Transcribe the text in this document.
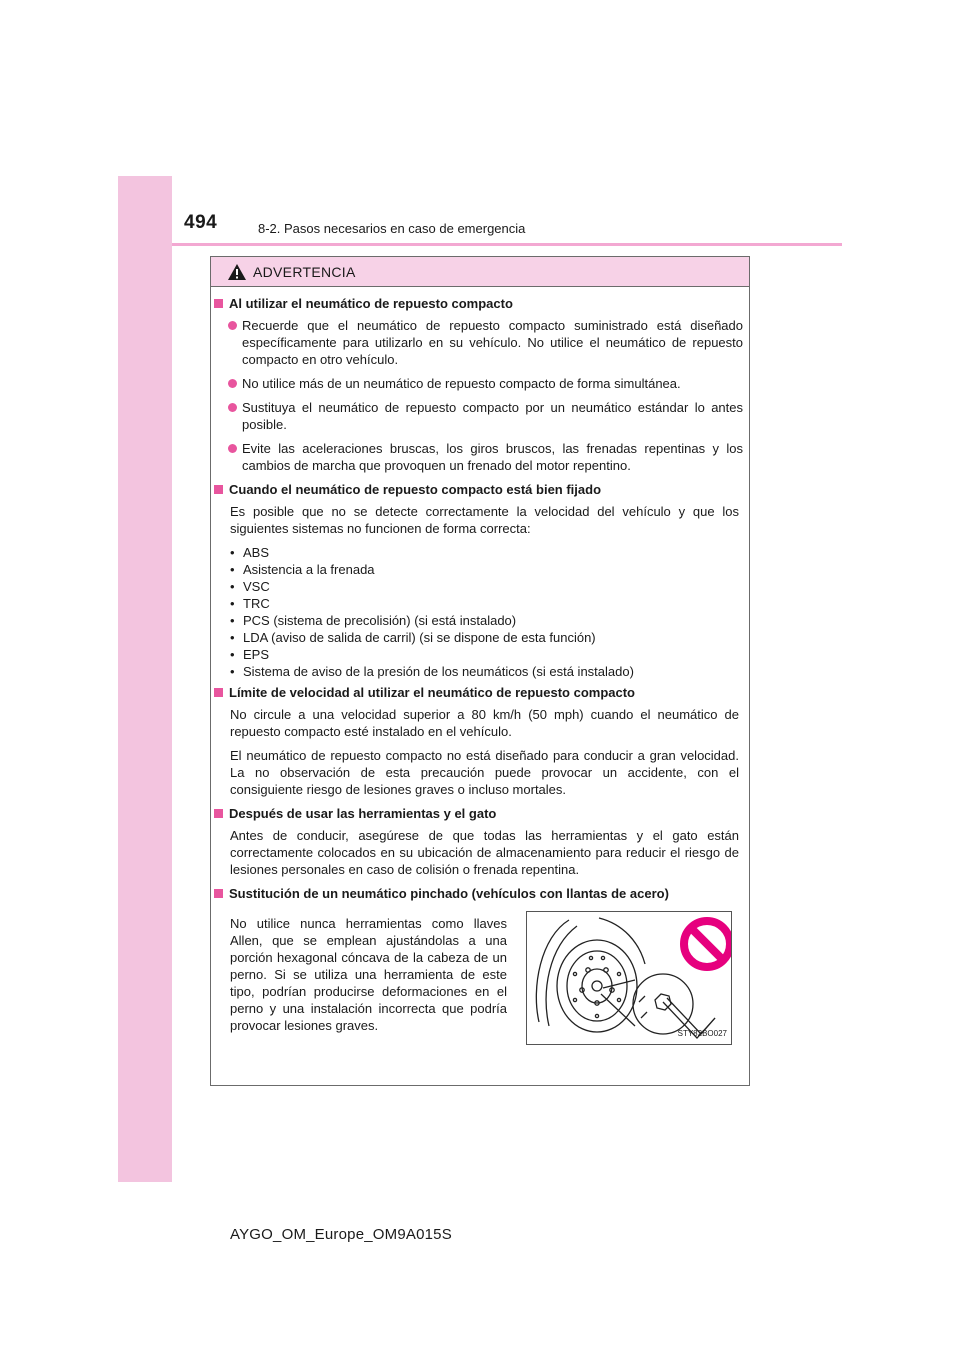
494	8-2. Pasos necesarios en caso de emergencia
ADVERTENCIA
Al utilizar el neumático de repuesto compacto
Recuerde que el neumático de repuesto compacto suministrado está diseñado específicamente para utilizarlo en su vehículo. No utilice el neumático de repuesto compacto en otro vehículo.
No utilice más de un neumático de repuesto compacto de forma simultánea.
Sustituya el neumático de repuesto compacto por un neumático estándar lo antes posible.
Evite las aceleraciones bruscas, los giros bruscos, las frenadas repentinas y los cambios de marcha que provoquen un frenado del motor repentino.
Cuando el neumático de repuesto compacto está bien fijado
Es posible que no se detecte correctamente la velocidad del vehículo y que los siguientes sistemas no funcionen de forma correcta:
• ABS
• Asistencia a la frenada
• VSC
• TRC
• PCS (sistema de precolisión) (si está instalado)
• LDA (aviso de salida de carril) (si se dispone de esta función)
• EPS
• Sistema de aviso de la presión de los neumáticos (si está instalado)
Límite de velocidad al utilizar el neumático de repuesto compacto
No circule a una velocidad superior a 80 km/h (50 mph) cuando el neumático de repuesto compacto esté instalado en el vehículo.
El neumático de repuesto compacto no está diseñado para conducir a gran velocidad. La no observación de esta precaución puede provocar un accidente, con el consiguiente riesgo de lesiones graves o incluso mortales.
Después de usar las herramientas y el gato
Antes de conducir, asegúrese de que todas las herramientas y el gato están correctamente colocados en su ubicación de almacenamiento para reducir el riesgo de lesiones personales en caso de colisión o frenada repentina.
Sustitución de un neumático pinchado (vehículos con llantas de acero)
No utilice nunca herramientas como llaves Allen, que se emplean ajustándolas a una porción hexagonal cóncava de la cabeza de un perno. Si se utiliza una herramienta de este tipo, podrían producirse deformaciones en el perno y una instalación incorrecta que podría provocar lesiones graves.
STY82BO027
AYGO_OM_Europe_OM9A015S
